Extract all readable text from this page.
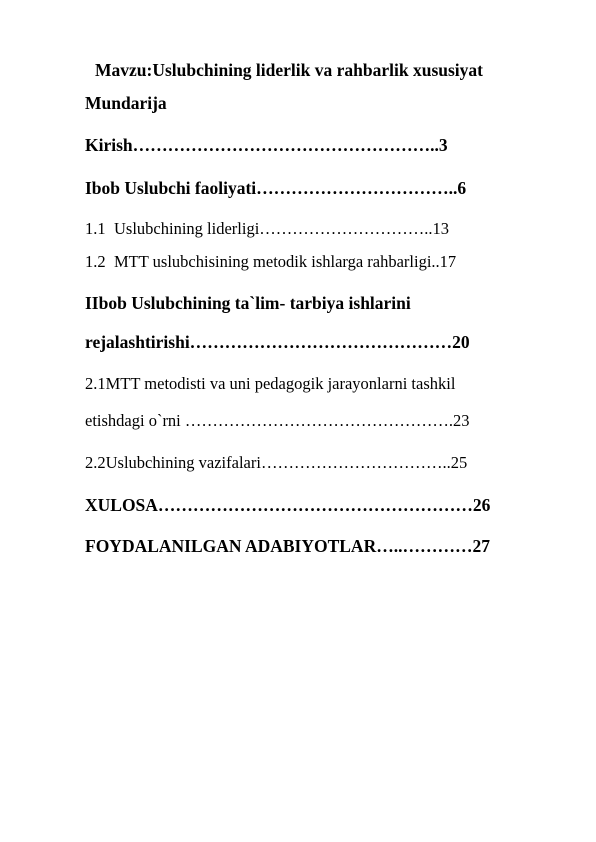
Mavzu:Uslubchining liderlik va rahbarlik xususiyat
Mundarija
Kirish……………………………………………..3
Ibob Uslubchi faoliyati……………………………..6
1.1 Uslubchining liderligi…………………………..13
1.2 MTT uslubchisining metodik ishlarga rahbarligi..17
IIbob Uslubchining ta`lim- tarbiya ishlarini
rejalashtirishi………………………………………20
2.1MTT metodisti va uni pedagogik jarayonlarni tashkil
etishdagi o`rni ………………………………………….23
2.2Uslubchining vazifalari……………………………..25
XULOSA………………………………………………26
FOYDALANILGAN ADABIYOTLAR…..…………27
